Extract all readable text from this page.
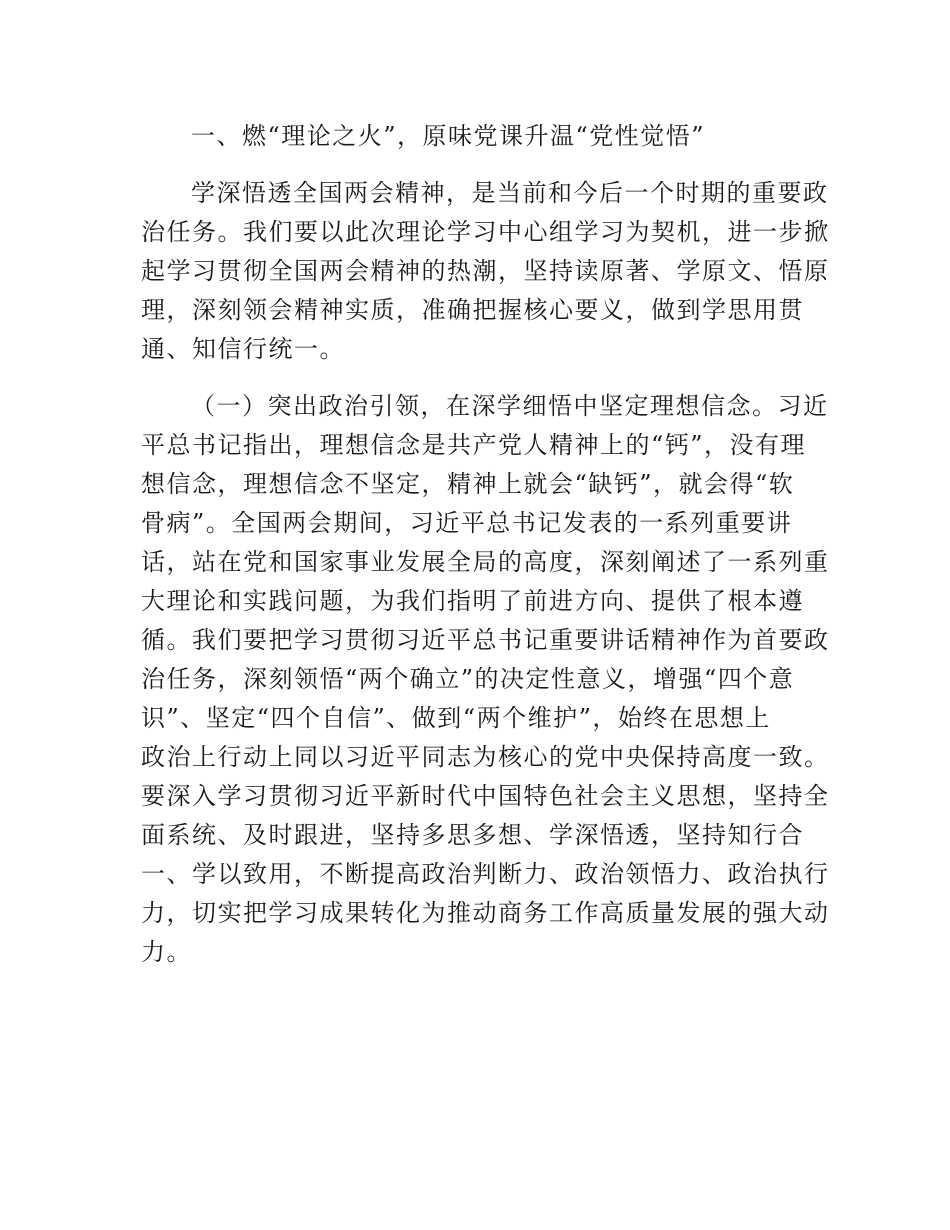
一、燃“理论之火”，原味党课升温“党性觉悟”
学深悟透全国两会精神，是当前和今后一个时期的重要政
治任务。我们要以此次理论学习中心组学习为契机，进一步掀
起学习贯彻全国两会精神的热潮，坚持读原著、学原文、悟原
理，深刻领会精神实质，准确把握核心要义，做到学思用贯
通、知信行统一。
（一）突出政治引领，在深学细悟中坚定理想信念。习近
平总书记指出，理想信念是共产党人精神上的“钙”，没有理
想信念，理想信念不坚定，精神上就会“缺钙”，就会得“软
骨病”。全国两会期间，习近平总书记发表的一系列重要讲
话，站在党和国家事业发展全局的高度，深刻阐述了一系列重
大理论和实践问题，为我们指明了前进方向、提供了根本遵
循。我们要把学习贯彻习近平总书记重要讲话精神作为首要政
治任务，深刻领悟“两个确立”的决定性意义，增强“四个意
识”、坚定“四个自信”、做到“两个维护”，始终在思想上
政治上行动上同以习近平同志为核心的党中央保持高度一致。
要深入学习贯彻习近平新时代中国特色社会主义思想，坚持全
面系统、及时跟进，坚持多思多想、学深悟透，坚持知行合
一、学以致用，不断提高政治判断力、政治领悟力、政治执行
力，切实把学习成果转化为推动商务工作高质量发展的强大动
力。
